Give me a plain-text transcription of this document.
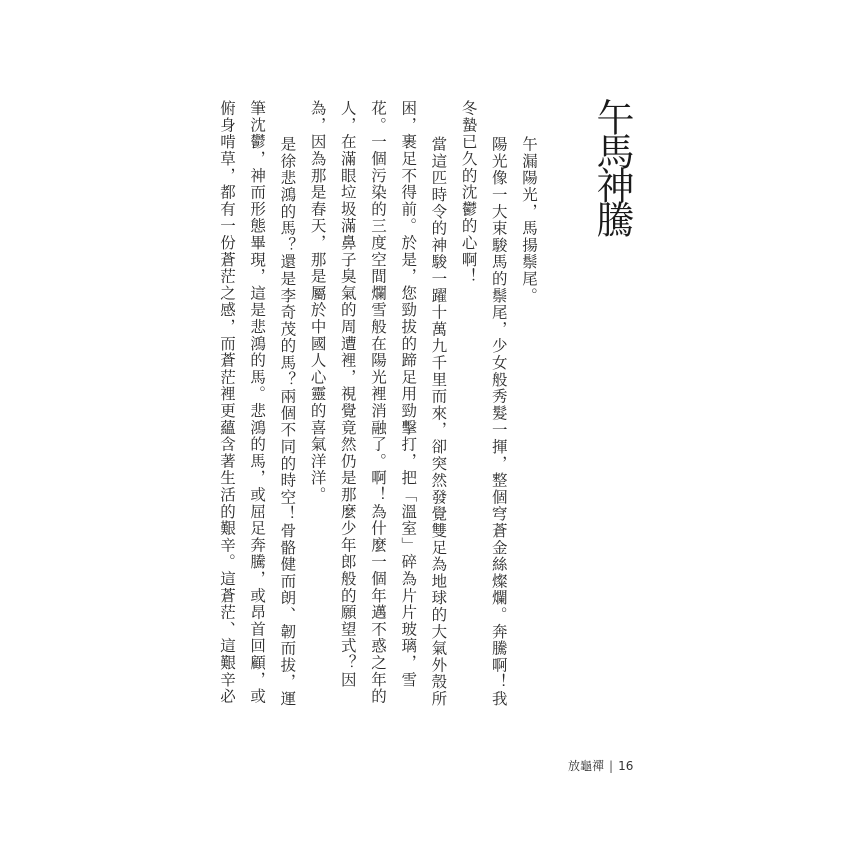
午馬神騰
午漏陽光，馬揚鬃尾。
陽光像一大束駿馬的鬃尾，少女般秀髮一揮，整個穹蒼金絲燦爛。奔騰啊！我
冬蟄已久的沈鬱的心啊！
當這匹時令的神駿一躍十萬九千里而來，卻突然發覺雙足為地球的大氣外殼所
困，裹足不得前。於是，您勁拔的蹄足用勁擊打，把「溫室」碎為片片玻璃，雪
花。一個污染的三度空間爛雪般在陽光裡消融了。啊！為什麼一個年邁不惑之年的
人，在滿眼垃圾滿鼻子臭氣的周遭裡，視覺竟然仍是那麼少年郎般的願望式？因
為，因為那是春天，那是屬於中國人心靈的喜氣洋洋。
是徐悲鴻的馬？還是李奇茂的馬？兩個不同的時空！骨骼健而朗、韌而拔，運
筆沈鬱，神而形態畢現，這是悲鴻的馬。悲鴻的馬，或屈足奔騰，或昂首回顧，或
俯身啃草，都有一份蒼茫之感，而蒼茫裡更蘊含著生活的艱辛。這蒼茫、這艱辛必
放龜禪 | 16
